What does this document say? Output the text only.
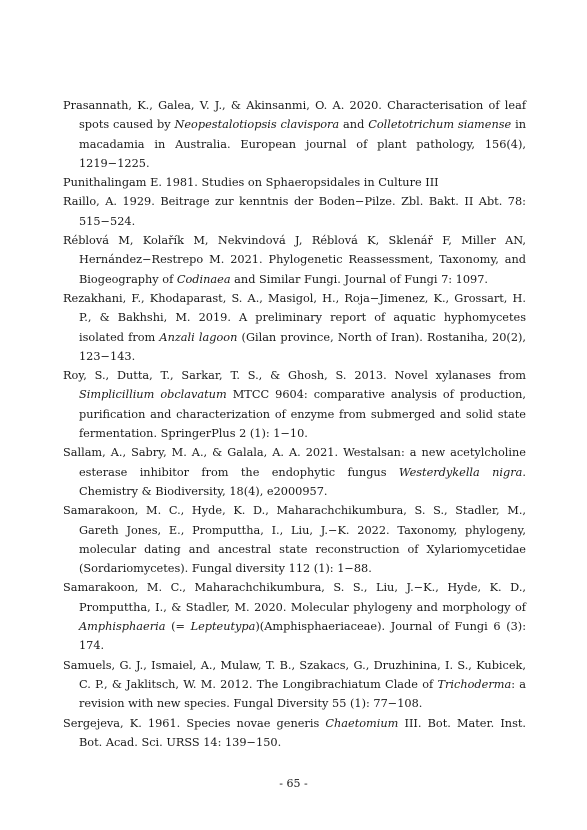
Prasannath, K., Galea, V. J., & Akinsanmi, O. A. 2020. Characterisation of leaf spots caused by Neopestalotiopsis clavispora and Colletotrichum siamense in macadamia in Australia. European journal of plant pathology, 156(4), 1219−1225.
Punithalingam E. 1981. Studies on Sphaeropsidales in Culture III
Raillo, A. 1929. Beitrage zur kenntnis der Boden−Pilze. Zbl. Bakt. II Abt. 78: 515−524.
Réblová M, Kolařík M, Nekvindová J, Réblová K, Sklenář F, Miller AN, Hernández−Restrepo M. 2021. Phylogenetic Reassessment, Taxonomy, and Biogeography of Codinaea and Similar Fungi. Journal of Fungi 7: 1097.
Rezakhani, F., Khodaparast, S. A., Masigol, H., Roja−Jimenez, K., Grossart, H. P., & Bakhshi, M. 2019. A preliminary report of aquatic hyphomycetes isolated from Anzali lagoon (Gilan province, North of Iran). Rostaniha, 20(2), 123−143.
Roy, S., Dutta, T., Sarkar, T. S., & Ghosh, S. 2013. Novel xylanases from Simplicillium obclavatum MTCC 9604: comparative analysis of production, purification and characterization of enzyme from submerged and solid state fermentation. SpringerPlus 2 (1): 1−10.
Sallam, A., Sabry, M. A., & Galala, A. A. 2021. Westalsan: a new acetylcholine esterase inhibitor from the endophytic fungus Westerdykella nigra. Chemistry & Biodiversity, 18(4), e2000957.
Samarakoon, M. C., Hyde, K. D., Maharachchikumbura, S. S., Stadler, M., Gareth Jones, E., Promputtha, I., Liu, J.−K. 2022. Taxonomy, phylogeny, molecular dating and ancestral state reconstruction of Xylariomycetidae (Sordariomycetes). Fungal diversity 112 (1): 1−88.
Samarakoon, M. C., Maharachchikumbura, S. S., Liu, J.−K., Hyde, K. D., Promputtha, I., & Stadler, M. 2020. Molecular phylogeny and morphology of Amphisphaeria (= Lepteutypa)(Amphisphaeriaceae). Journal of Fungi 6 (3): 174.
Samuels, G. J., Ismaiel, A., Mulaw, T. B., Szakacs, G., Druzhinina, I. S., Kubicek, C. P., & Jaklitsch, W. M. 2012. The Longibrachiatum Clade of Trichoderma: a revision with new species. Fungal Diversity 55 (1): 77−108.
Sergejeva, K. 1961. Species novae generis Chaetomium III. Bot. Mater. Inst. Bot. Acad. Sci. URSS 14: 139−150.
- 65 -
